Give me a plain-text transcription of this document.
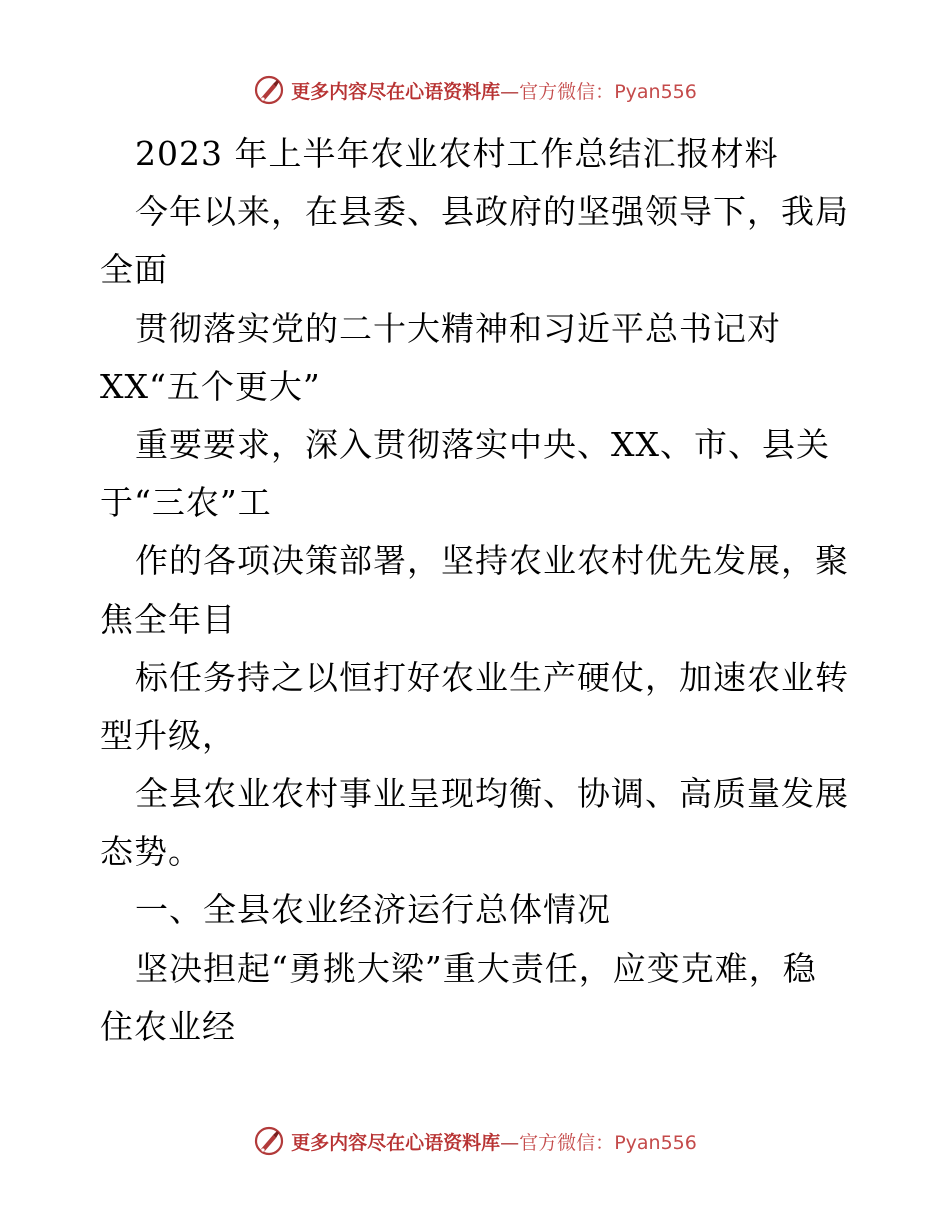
更多内容尽在心语资料库—官方微信：Pyan556
2023 年上半年农业农村工作总结汇报材料
今年以来，在县委、县政府的坚强领导下，我局
全面
贯彻落实党的二十大精神和习近平总书记对
XX“五个更大”
重要要求，深入贯彻落实中央、XX、市、县关
于“三农”工
作的各项决策部署，坚持农业农村优先发展，聚
焦全年目
标任务持之以恒打好农业生产硬仗，加速农业转
型升级，
全县农业农村事业呈现均衡、协调、高质量发展
态势。
一、全县农业经济运行总体情况
坚决担起“勇挑大梁”重大责任，应变克难，稳
住农业经
更多内容尽在心语资料库—官方微信：Pyan556
